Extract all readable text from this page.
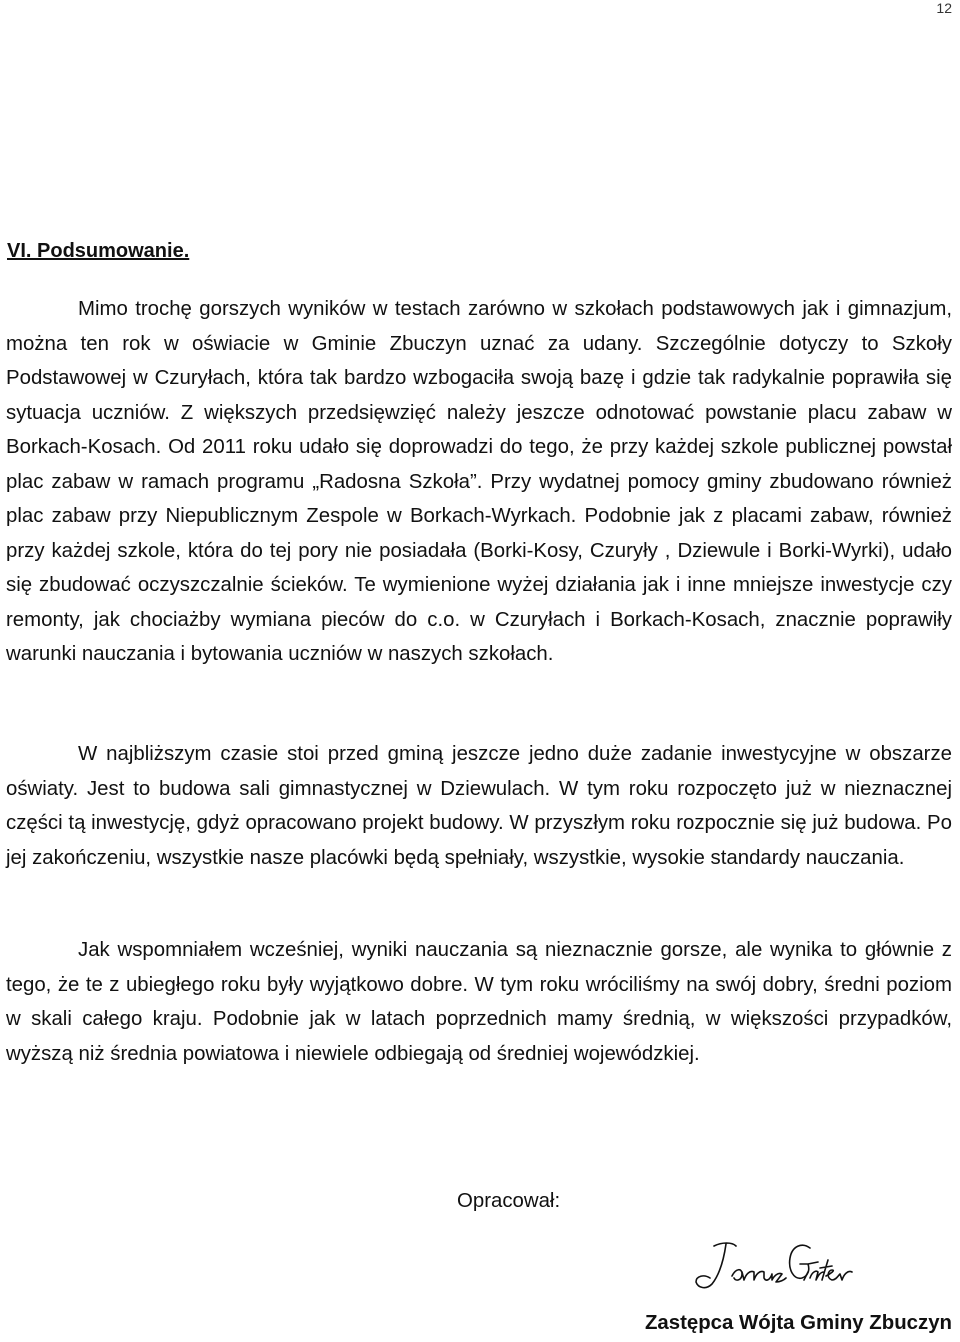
12
VI. Podsumowanie.

Mimo trochę gorszych wyników w testach zarówno w szkołach podstawowych jak i gimnazjum, można ten rok w oświacie w Gminie Zbuczyn uznać za udany. Szczególnie dotyczy to Szkoły Podstawowej w Czuryłach, która tak bardzo wzbogaciła swoją bazę i gdzie tak radykalnie poprawiła się sytuacja uczniów. Z większych przedsięwzięć należy jeszcze odnotować powstanie placu zabaw w Borkach-Kosach. Od 2011 roku udało się doprowadzi do tego, że przy każdej szkole publicznej powstał plac zabaw w ramach programu „Radosna Szkoła”. Przy wydatnej pomocy gminy zbudowano również plac zabaw przy Niepublicznym Zespole w Borkach-Wyrkach. Podobnie jak z placami zabaw, również przy każdej szkole, która do tej pory nie posiadała (Borki-Kosy, Czuryły , Dziewule i Borki-Wyrki), udało się zbudować oczyszczalnie ścieków. Te wymienione wyżej działania jak i inne mniejsze inwestycje czy remonty, jak chociażby wymiana pieców do c.o. w Czuryłach i Borkach-Kosach, znacznie poprawiły warunki nauczania i bytowania uczniów w naszych szkołach.

W najbliższym czasie stoi przed gminą jeszcze jedno duże zadanie inwestycyjne w obszarze oświaty. Jest to budowa sali gimnastycznej w Dziewulach. W tym roku rozpoczęto już w nieznacznej części tą inwestycję, gdyż opracowano projekt budowy. W przyszłym roku rozpocznie się już budowa. Po jej zakończeniu, wszystkie nasze placówki będą spełniały, wszystkie, wysokie standardy nauczania.

Jak wspomniałem wcześniej, wyniki nauczania są nieznacznie gorsze, ale wynika to głównie z tego, że te z ubiegłego roku były wyjątkowo dobre. W tym roku wróciliśmy na swój dobry, średni poziom w skali całego kraju. Podobnie jak w latach poprzednich mamy średnią, w większości przypadków, wyższą niż średnia powiatowa i niewiele odbiegają od średniej wojewódzkiej.

Opracował:
Zastępca Wójta Gminy Zbuczyn
